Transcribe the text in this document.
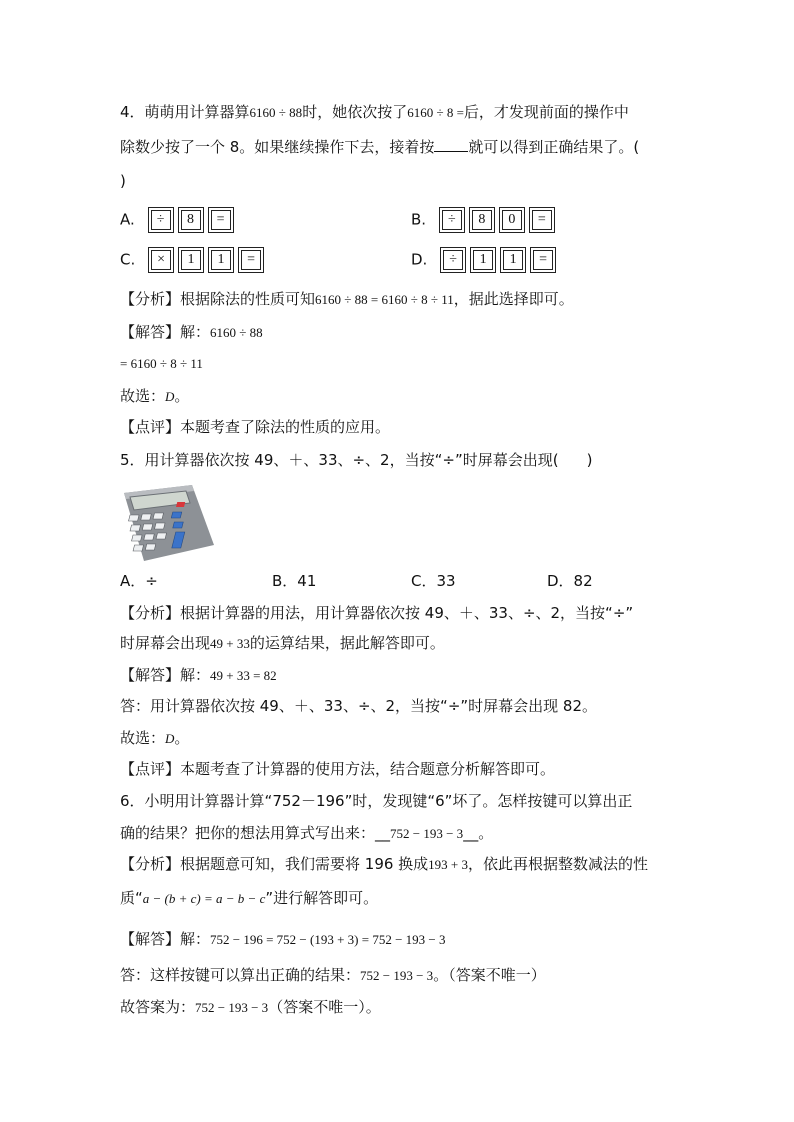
4．萌萌用计算器算6160 ÷ 88时，她依次按了6160 ÷ 8 =后，才发现前面的操作中
除数少按了一个 8。如果继续操作下去，接着按 就可以得到正确结果了。(
)
A.	÷	8	=	B.	÷	8	0	=
C.	×	1	1	=	D.	÷	1	1	=
【分析】根据除法的性质可知6160 ÷ 88 = 6160 ÷ 8 ÷ 11，据此选择即可。
【解答】解：6160 ÷ 88
= 6160 ÷ 8 ÷ 11
故选：D。
【点评】本题考查了除法的性质的应用。
5．用计算器依次按 49、＋、33、÷、2，当按“÷”时屏幕会出现( )
A．÷	B．41	C．33	D．82
【分析】根据计算器的用法，用计算器依次按 49、＋、33、÷、2，当按“÷”
时屏幕会出现49 + 33的运算结果，据此解答即可。
【解答】解：49 + 33 = 82
答：用计算器依次按 49、＋、33、÷、2，当按“÷”时屏幕会出现 82。
故选：D。
【点评】本题考查了计算器的使用方法，结合题意分析解答即可。
6．小明用计算器计算“752－196”时，发现键“6”坏了。怎样按键可以算出正
确的结果？把你的想法用算式写出来：__752 − 193 − 3__。
【分析】根据题意可知，我们需要将 196 换成193 + 3，依此再根据整数减法的性
质“a − (b + c) = a − b − c”进行解答即可。
【解答】解：752 − 196 = 752 − (193 + 3) = 752 − 193 − 3
答：这样按键可以算出正确的结果：752 − 193 − 3。（答案不唯一）
故答案为：752 − 193 − 3（答案不唯一）。
